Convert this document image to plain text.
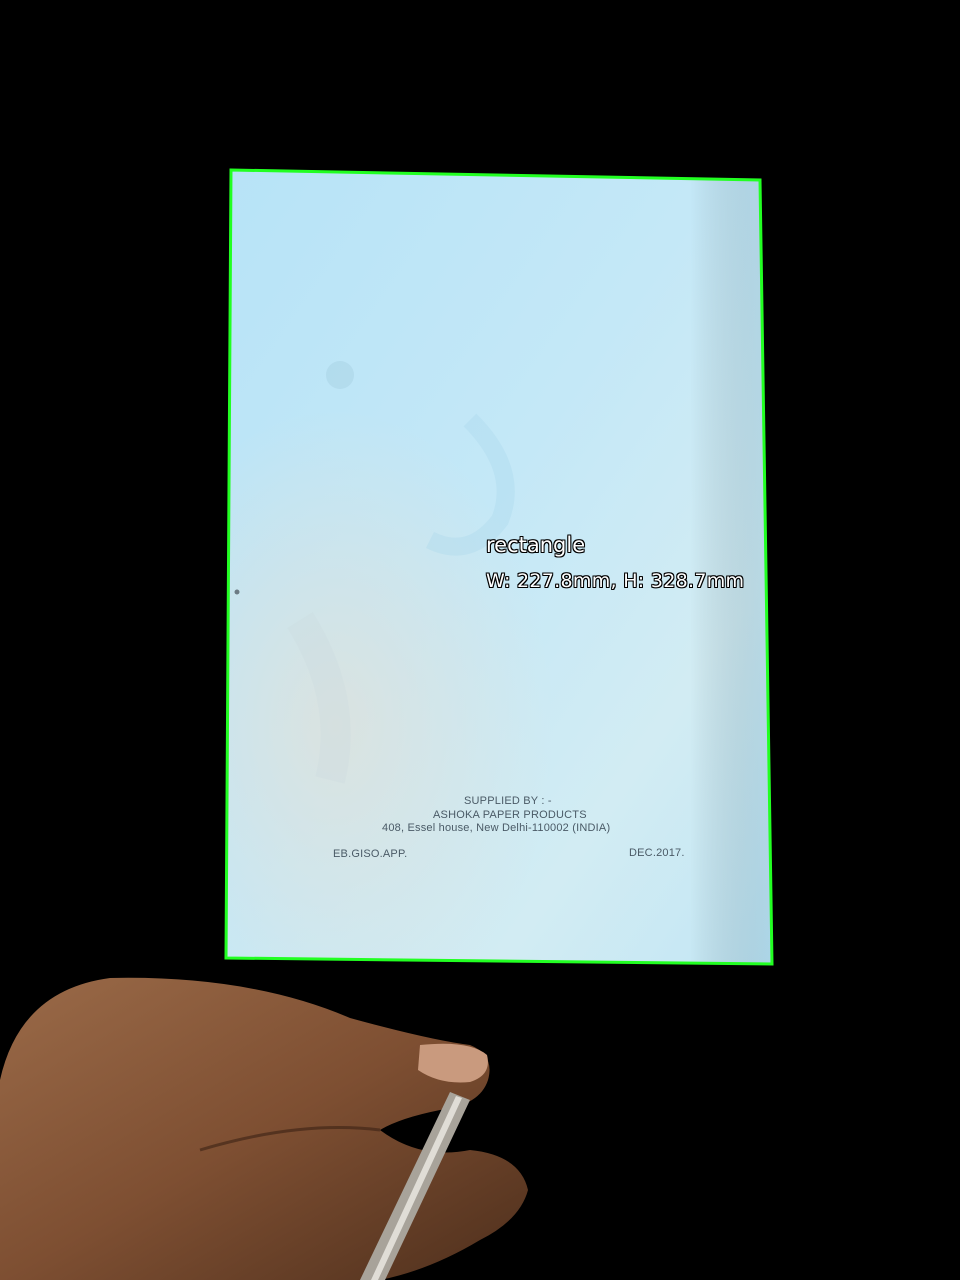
SUPPLIED BY : -
ASHOKA PAPER PRODUCTS
408, Essel house, New Delhi-110002 (INDIA)
EB.GISO.APP.	DEC.2017.
rectangle
W: 227.8mm, H: 328.7mm
